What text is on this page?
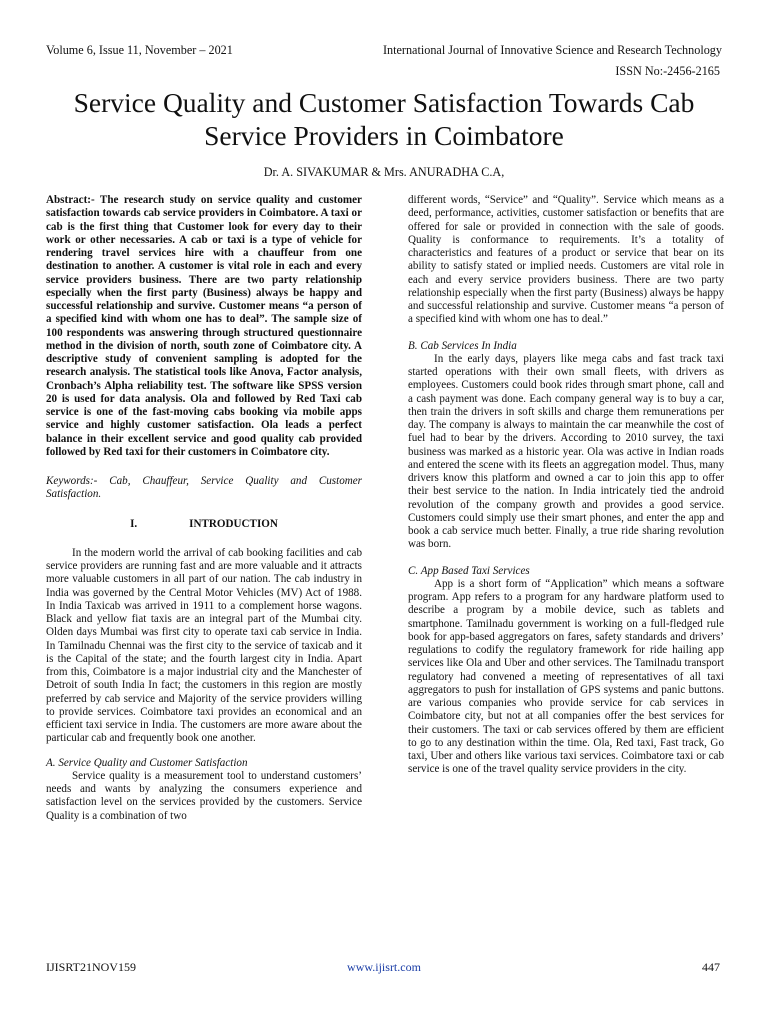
Volume 6, Issue 11, November – 2021	International Journal of Innovative Science and Research Technology
ISSN No:-2456-2165
Service Quality and Customer Satisfaction Towards Cab Service Providers in Coimbatore
Dr. A. SIVAKUMAR & Mrs. ANURADHA C.A,

Abstract:- The research study on service quality and customer satisfaction towards cab service providers in Coimbatore. A taxi or cab is the first thing that Customer look for every day to their work or other necessaries. A cab or taxi is a type of vehicle for rendering travel services hire with a chauffeur from one destination to another. A customer is vital role in each and every service providers business. There are two party relationship especially when the first party (Business) always be happy and successful relationship and survive. Customer means “a person of a specified kind with whom one has to deal”. The sample size of 100 respondents was answering through structured questionnaire method in the division of north, south zone of Coimbatore city. A descriptive study of convenient sampling is adopted for the research analysis. The statistical tools like Anova, Factor analysis, Cronbach’s Alpha reliability test. The software like SPSS version 20 is used for data analysis. Ola and followed by Red Taxi cab service is one of the fast-moving cabs booking via mobile apps service and highly customer satisfaction. Ola leads a perfect balance in their excellent service and good quality cab provided followed by Red taxi for their customers in Coimbatore city.

Keywords:- Cab, Chauffeur, Service Quality and Customer Satisfaction.

I.	INTRODUCTION

In the modern world the arrival of cab booking facilities and cab service providers are running fast and are more valuable and it attracts more valuable customers in all part of our nation. The cab industry in India was governed by the Central Motor Vehicles (MV) Act of 1988. In India Taxicab was arrived in 1911 to a complement horse wagons. Black and yellow fiat taxis are an integral part of the Mumbai city. Olden days Mumbai was first city to operate taxi cab service in India. In Tamilnadu Chennai was the first city to the service of taxicab and it is the Capital of the state; and the fourth largest city in India. Apart from this, Coimbatore is a major industrial city and the Manchester of Detroit of south India In fact; the customers in this region are mostly preferred by cab service and Majority of the service providers willing to provide services. Coimbatore taxi provides an economical and an efficient taxi service in India. The customers are more aware about the particular cab and frequently book one another.

A. Service Quality and Customer Satisfaction

Service quality is a measurement tool to understand customers’ needs and wants by analyzing the consumers experience and satisfaction level on the services provided by the customers. Service Quality is a combination of two

different words, “Service” and “Quality”. Service which means as a deed, performance, activities, customer satisfaction or benefits that are offered for sale or provided in connection with the sale of goods. Quality is conformance to requirements. It’s a totality of characteristics and features of a product or service that bear on its ability to satisfy stated or implied needs. Customers are vital role in each and every service providers business. There are two party relationship especially when the first party (Business) always be happy and successful relationship and survive. Customer means “a person of a specified kind with whom one has to deal.”

B. Cab Services In India

In the early days, players like mega cabs and fast track taxi started operations with their own small fleets, with drivers as employees. Customers could book rides through smart phone, call and a cash payment was done. Each company general way is to buy a car, then train the drivers in soft skills and charge them remunerations per day. The company is always to maintain the car meanwhile the cost of fuel had to bear by the drivers. According to 2010 survey, the taxi business was marked as a historic year. Ola was active in Indian roads and entered the scene with its fleets an aggregation model. Thus, many drivers know this platform and owned a car to join this app to offer their best service to the nation. In India intricately tied the android revolution of the company growth and provides a good service. Customers could simply use their smart phones, and enter the app and book a cab service much better. Finally, a true ride sharing revolution was born.

C. App Based Taxi Services

App is a short form of “Application” which means a software program. App refers to a program for any hardware platform used to describe a program by a mobile device, such as tablets and smartphone. Tamilnadu government is working on a full-fledged rule book for app-based aggregators on fares, safety standards and drivers’ regulations to codify the regulatory framework for ride hailing app services like Ola and Uber and other services. The Tamilnadu transport regulatory had convened a meeting of representatives of all taxi aggregators to push for installation of GPS systems and panic buttons. are various companies who provide service for cab services in Coimbatore city, but not at all companies offer the best services for their customers. The taxi or cab services offered by them are efficient to go to any destination within the time. Ola, Red taxi, Fast track, Go taxi, Uber and others like various taxi services. Coimbatore taxi or cab service is one of the travel quality service providers in the city.

IJISRT21NOV159	www.ijisrt.com	447
